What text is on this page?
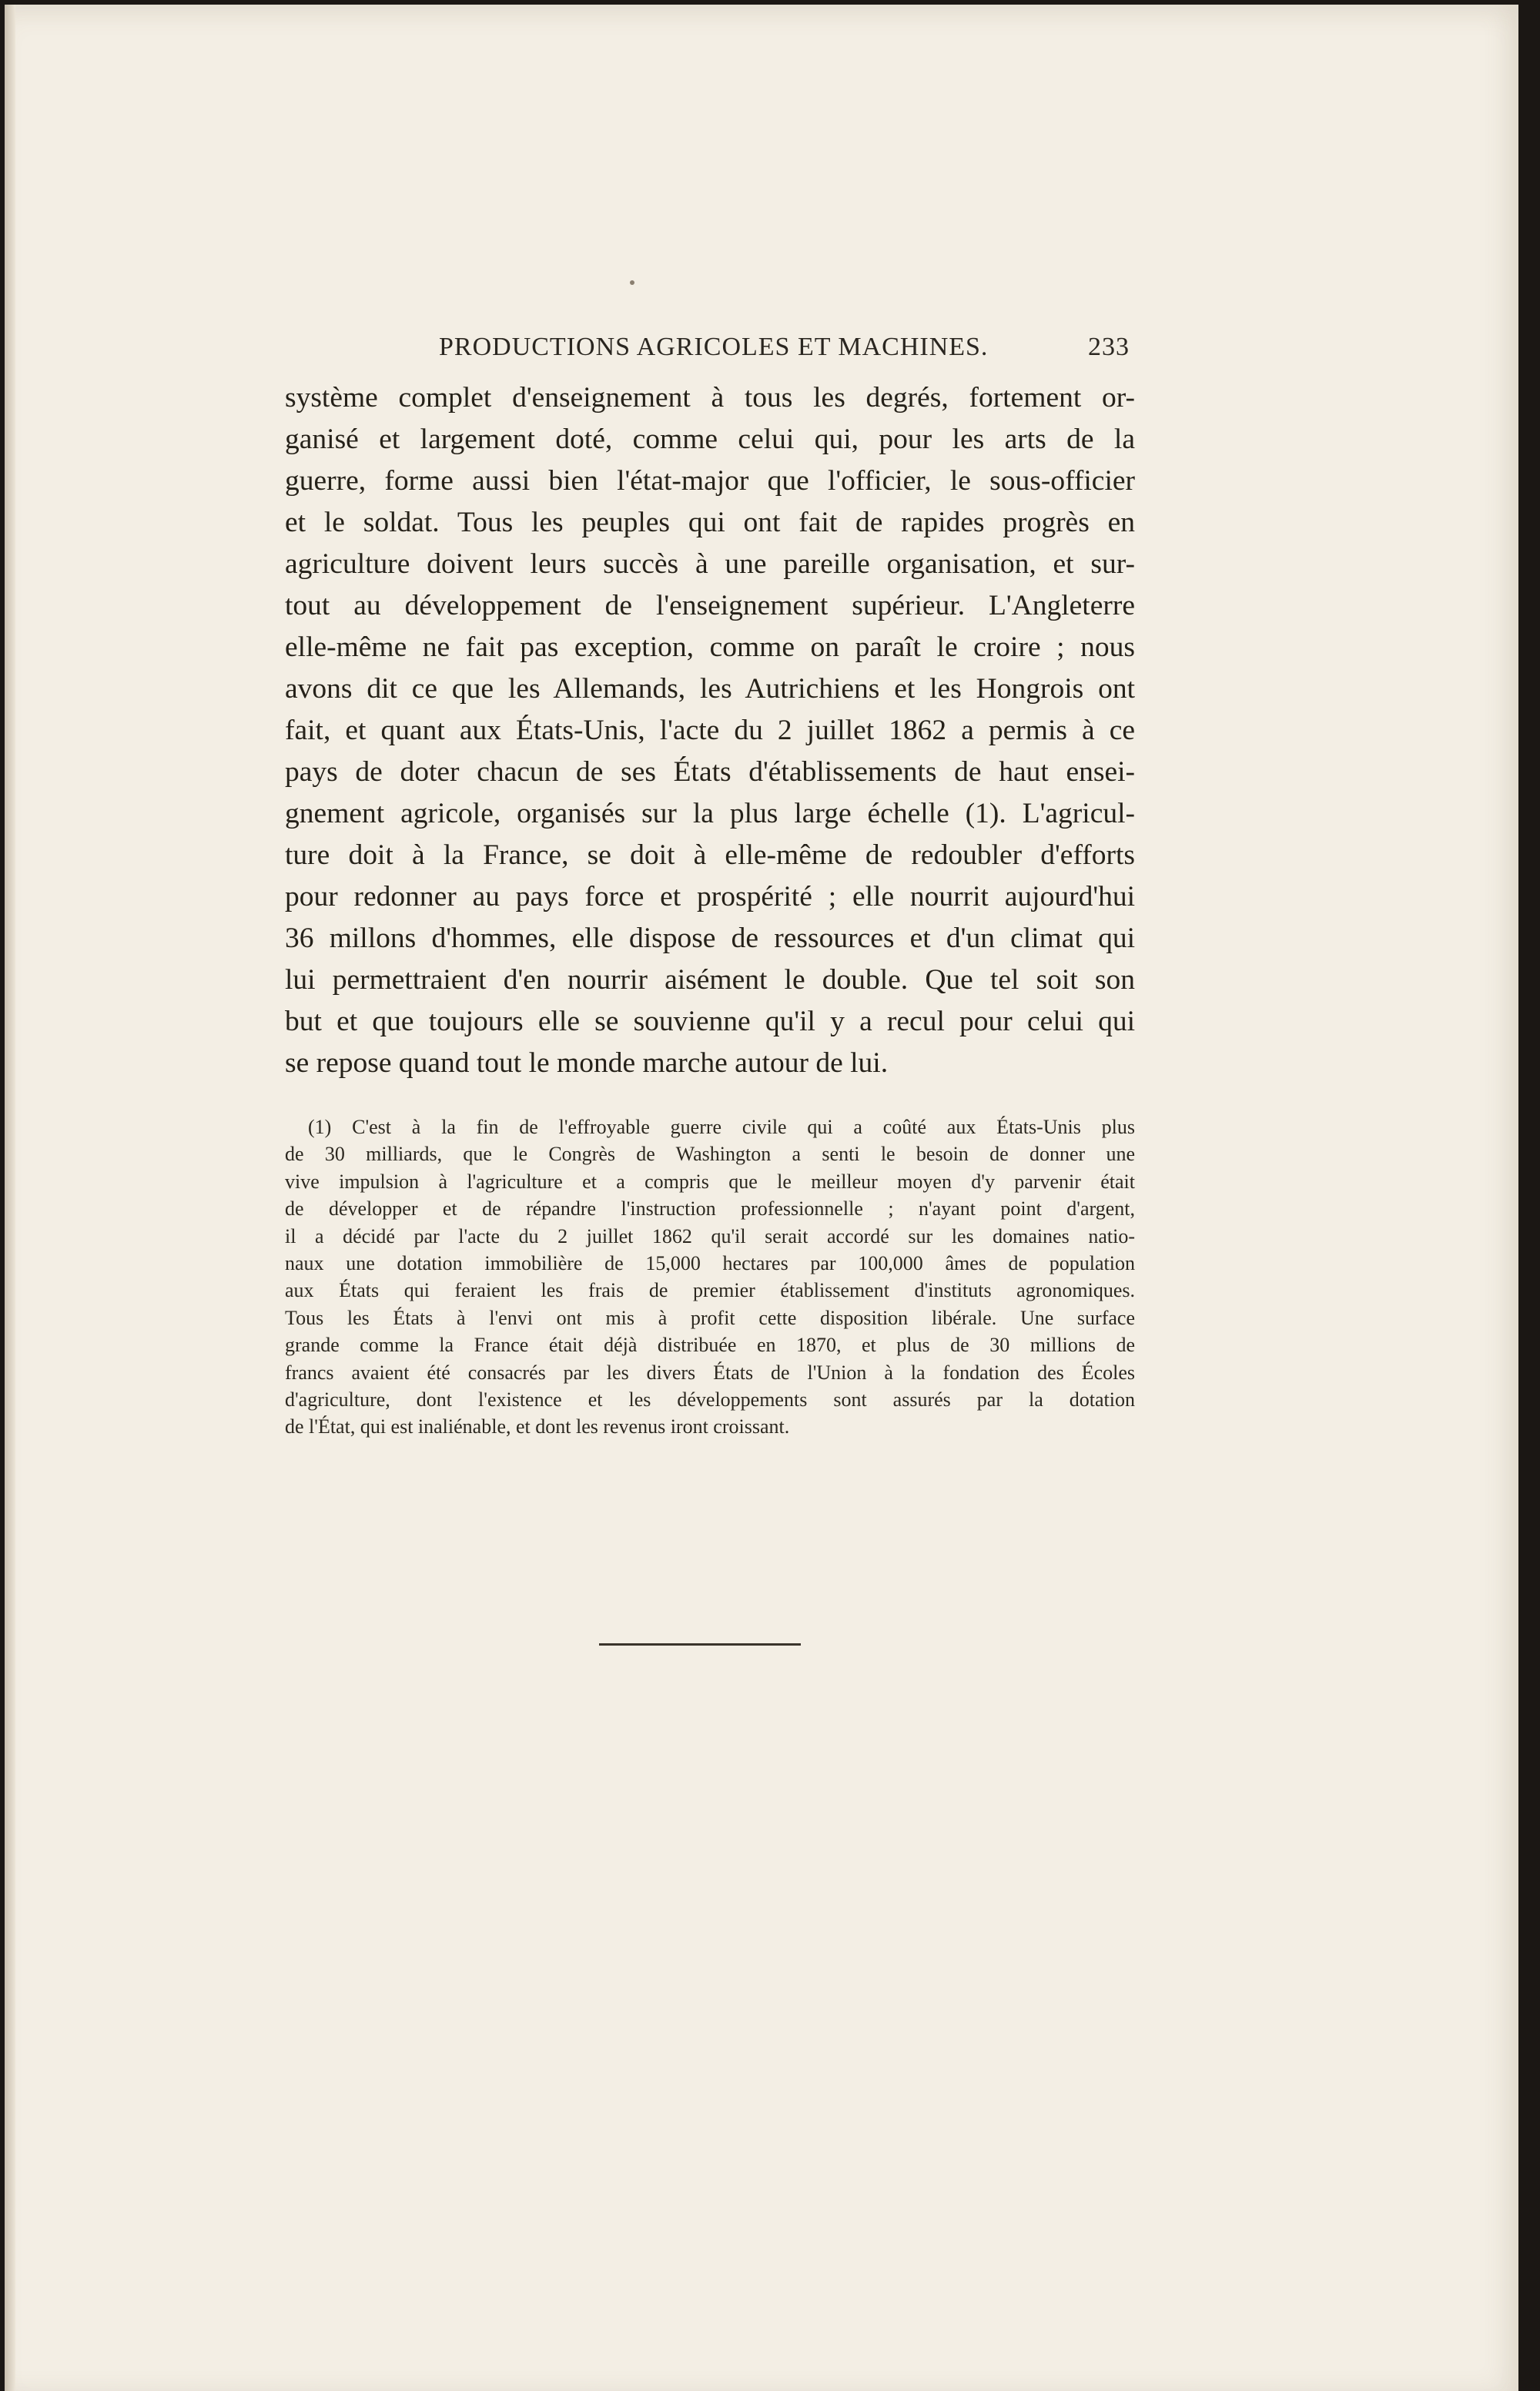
PRODUCTIONS AGRICOLES ET MACHINES.	233
système complet d'enseignement à tous les degrés, fortement or-
ganisé et largement doté, comme celui qui, pour les arts de la
guerre, forme aussi bien l'état-major que l'officier, le sous-officier
et le soldat. Tous les peuples qui ont fait de rapides progrès en
agriculture doivent leurs succès à une pareille organisation, et sur-
tout au développement de l'enseignement supérieur. L'Angleterre
elle-même ne fait pas exception, comme on paraît le croire ; nous
avons dit ce que les Allemands, les Autrichiens et les Hongrois ont
fait, et quant aux États-Unis, l'acte du 2 juillet 1862 a permis à ce
pays de doter chacun de ses États d'établissements de haut ensei-
gnement agricole, organisés sur la plus large échelle (1). L'agricul-
ture doit à la France, se doit à elle-même de redoubler d'efforts
pour redonner au pays force et prospérité ; elle nourrit aujourd'hui
36 millons d'hommes, elle dispose de ressources et d'un climat qui
lui permettraient d'en nourrir aisément le double. Que tel soit son
but et que toujours elle se souvienne qu'il y a recul pour celui qui
se repose quand tout le monde marche autour de lui.
(1) C'est à la fin de l'effroyable guerre civile qui a coûté aux États-Unis plus
de 30 milliards, que le Congrès de Washington a senti le besoin de donner une
vive impulsion à l'agriculture et a compris que le meilleur moyen d'y parvenir était
de développer et de répandre l'instruction professionnelle ; n'ayant point d'argent,
il a décidé par l'acte du 2 juillet 1862 qu'il serait accordé sur les domaines natio-
naux une dotation immobilière de 15,000 hectares par 100,000 âmes de population
aux États qui feraient les frais de premier établissement d'instituts agronomiques.
Tous les États à l'envi ont mis à profit cette disposition libérale. Une surface
grande comme la France était déjà distribuée en 1870, et plus de 30 millions de
francs avaient été consacrés par les divers États de l'Union à la fondation des Écoles
d'agriculture, dont l'existence et les développements sont assurés par la dotation
de l'État, qui est inaliénable, et dont les revenus iront croissant.
